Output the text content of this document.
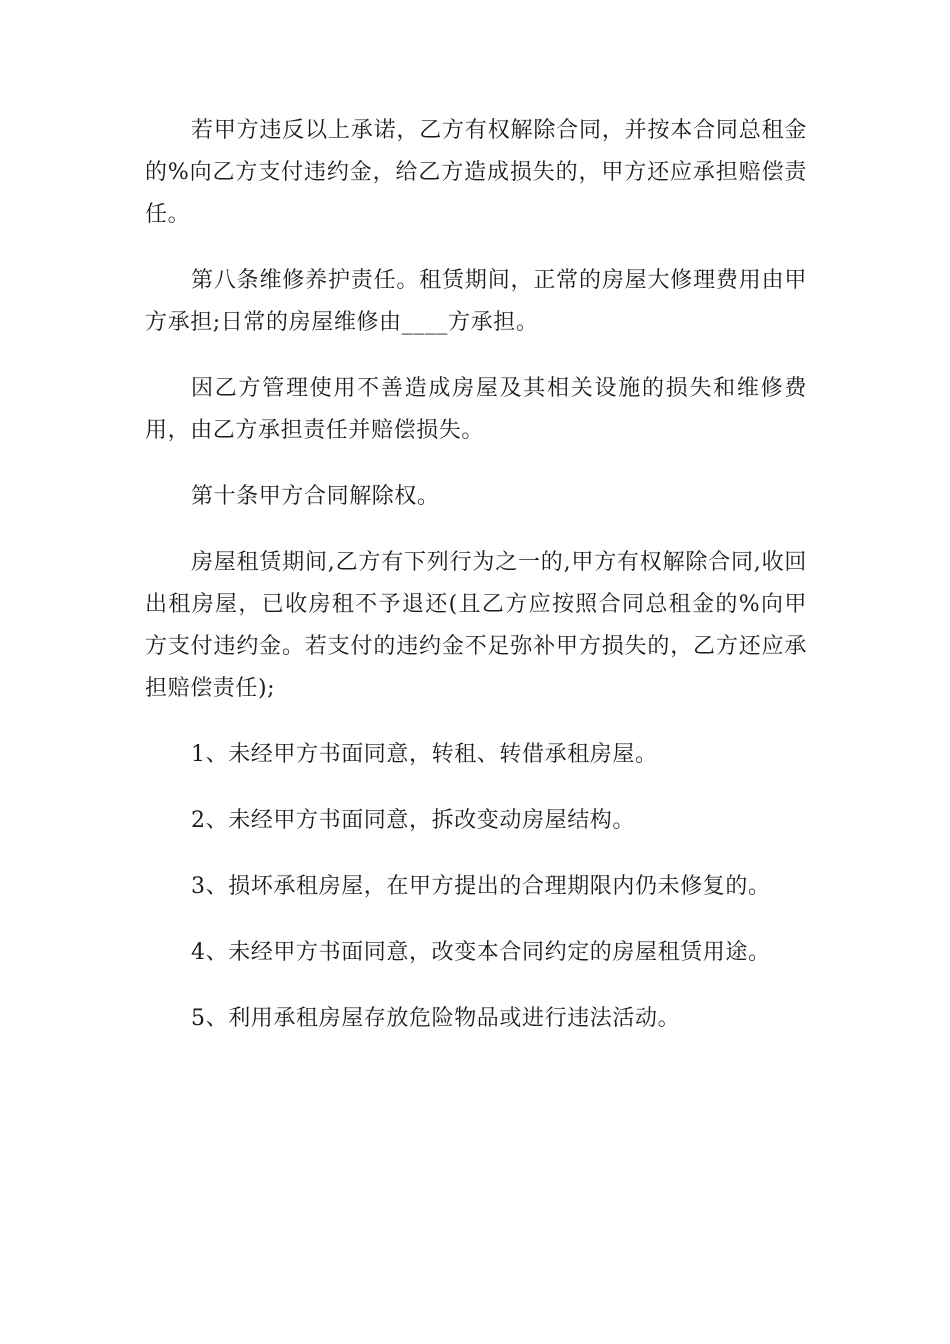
若甲方违反以上承诺，乙方有权解除合同，并按本合同总租金的%向乙方支付违约金，给乙方造成损失的，甲方还应承担赔偿责任。

第八条维修养护责任。租赁期间，正常的房屋大修理费用由甲方承担;日常的房屋维修由____方承担。

因乙方管理使用不善造成房屋及其相关设施的损失和维修费用，由乙方承担责任并赔偿损失。

第十条甲方合同解除权。

房屋租赁期间,乙方有下列行为之一的,甲方有权解除合同,收回出租房屋，已收房租不予退还(且乙方应按照合同总租金的%向甲方支付违约金。若支付的违约金不足弥补甲方损失的，乙方还应承担赔偿责任);

1、未经甲方书面同意，转租、转借承租房屋。

2、未经甲方书面同意，拆改变动房屋结构。

3、损坏承租房屋，在甲方提出的合理期限内仍未修复的。

4、未经甲方书面同意，改变本合同约定的房屋租赁用途。

5、利用承租房屋存放危险物品或进行违法活动。
